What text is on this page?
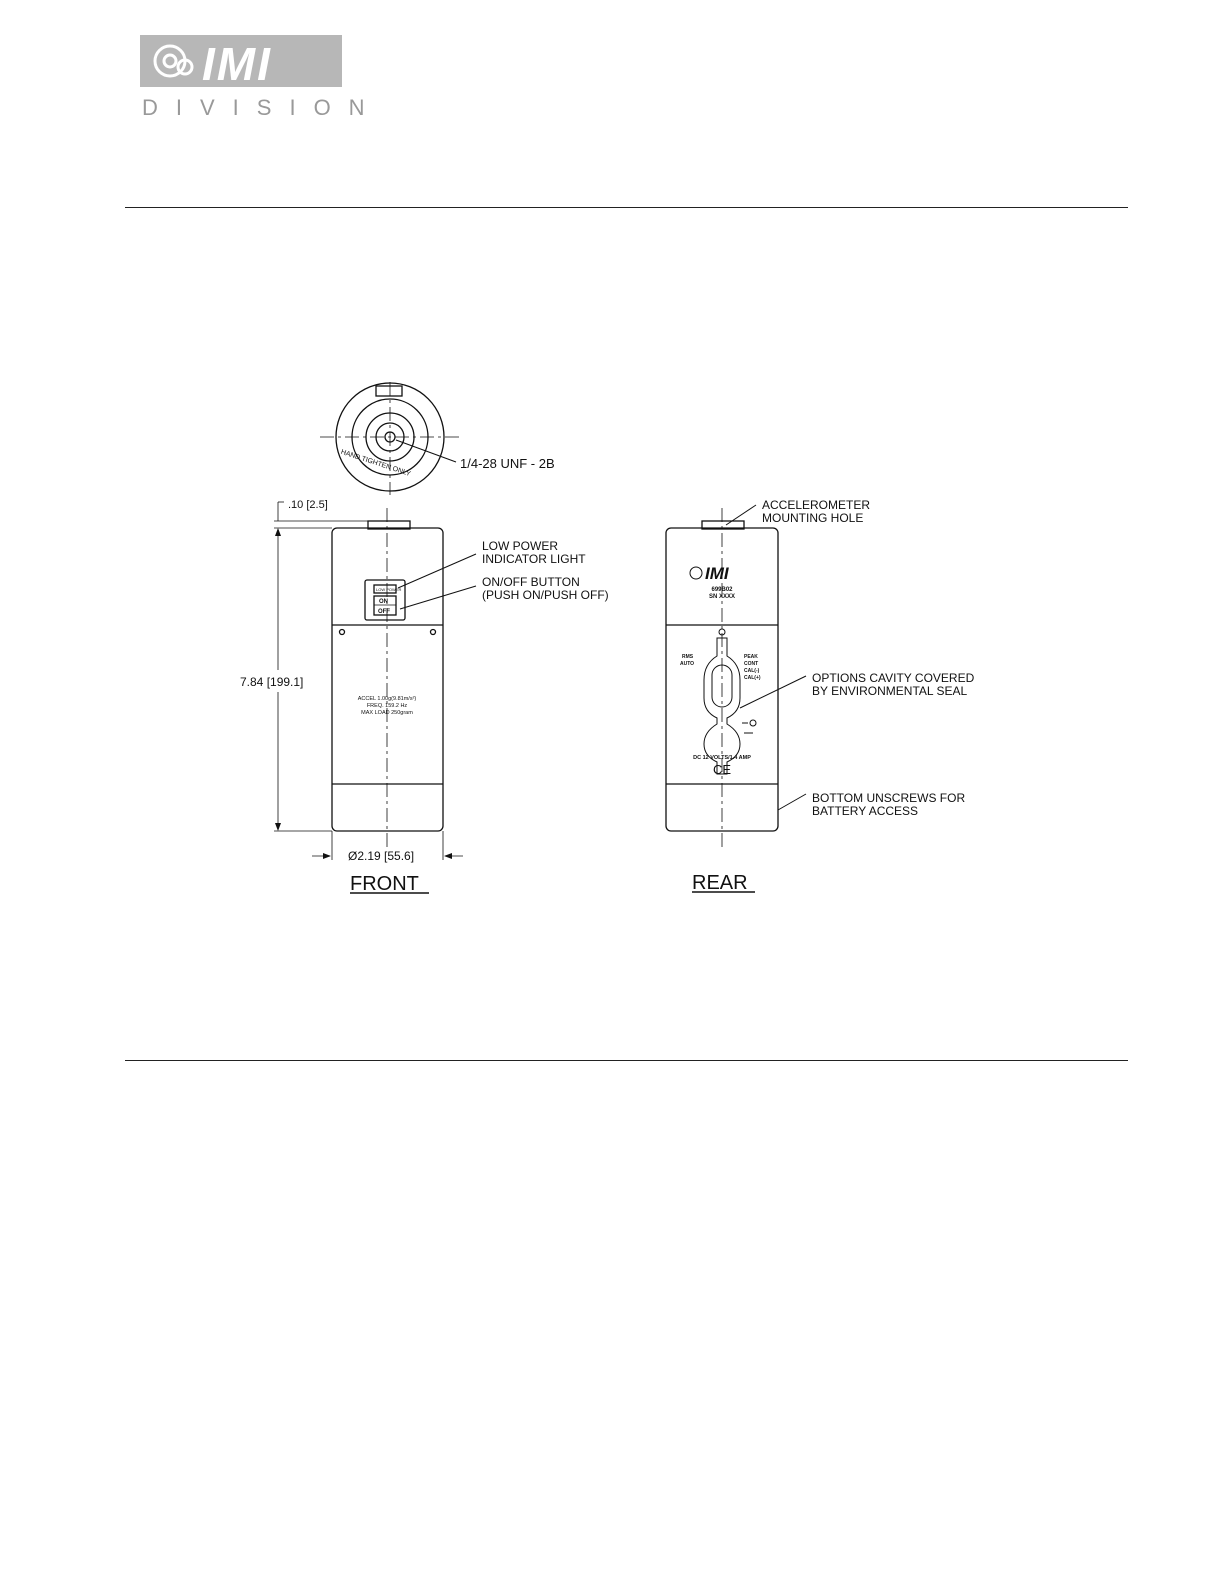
IMI
DIVISION
HAND TIGHTEN ONLY	1/4-28 UNF - 2B
LOW POWER
ON
OFF
ACCEL 1.00g(9.81m/s²)
FREQ. 159.2 Hz
MAX LOAD 250gram
LOW POWER
INDICATOR LIGHT
ON/OFF BUTTON
(PUSH ON/PUSH OFF)
.10 [2.5]
7.84 [199.1]
Ø2.19 [55.6]
FRONT
IMI
699B02
SN XXXX
RMS
AUTO
PEAK
CONT
CAL(-)
CAL(+)
DC 12 VOLTS/1.4 AMP
CE
ACCELEROMETER
MOUNTING HOLE
OPTIONS CAVITY COVERED
BY ENVIRONMENTAL SEAL
BOTTOM UNSCREWS FOR
BATTERY ACCESS
REAR
